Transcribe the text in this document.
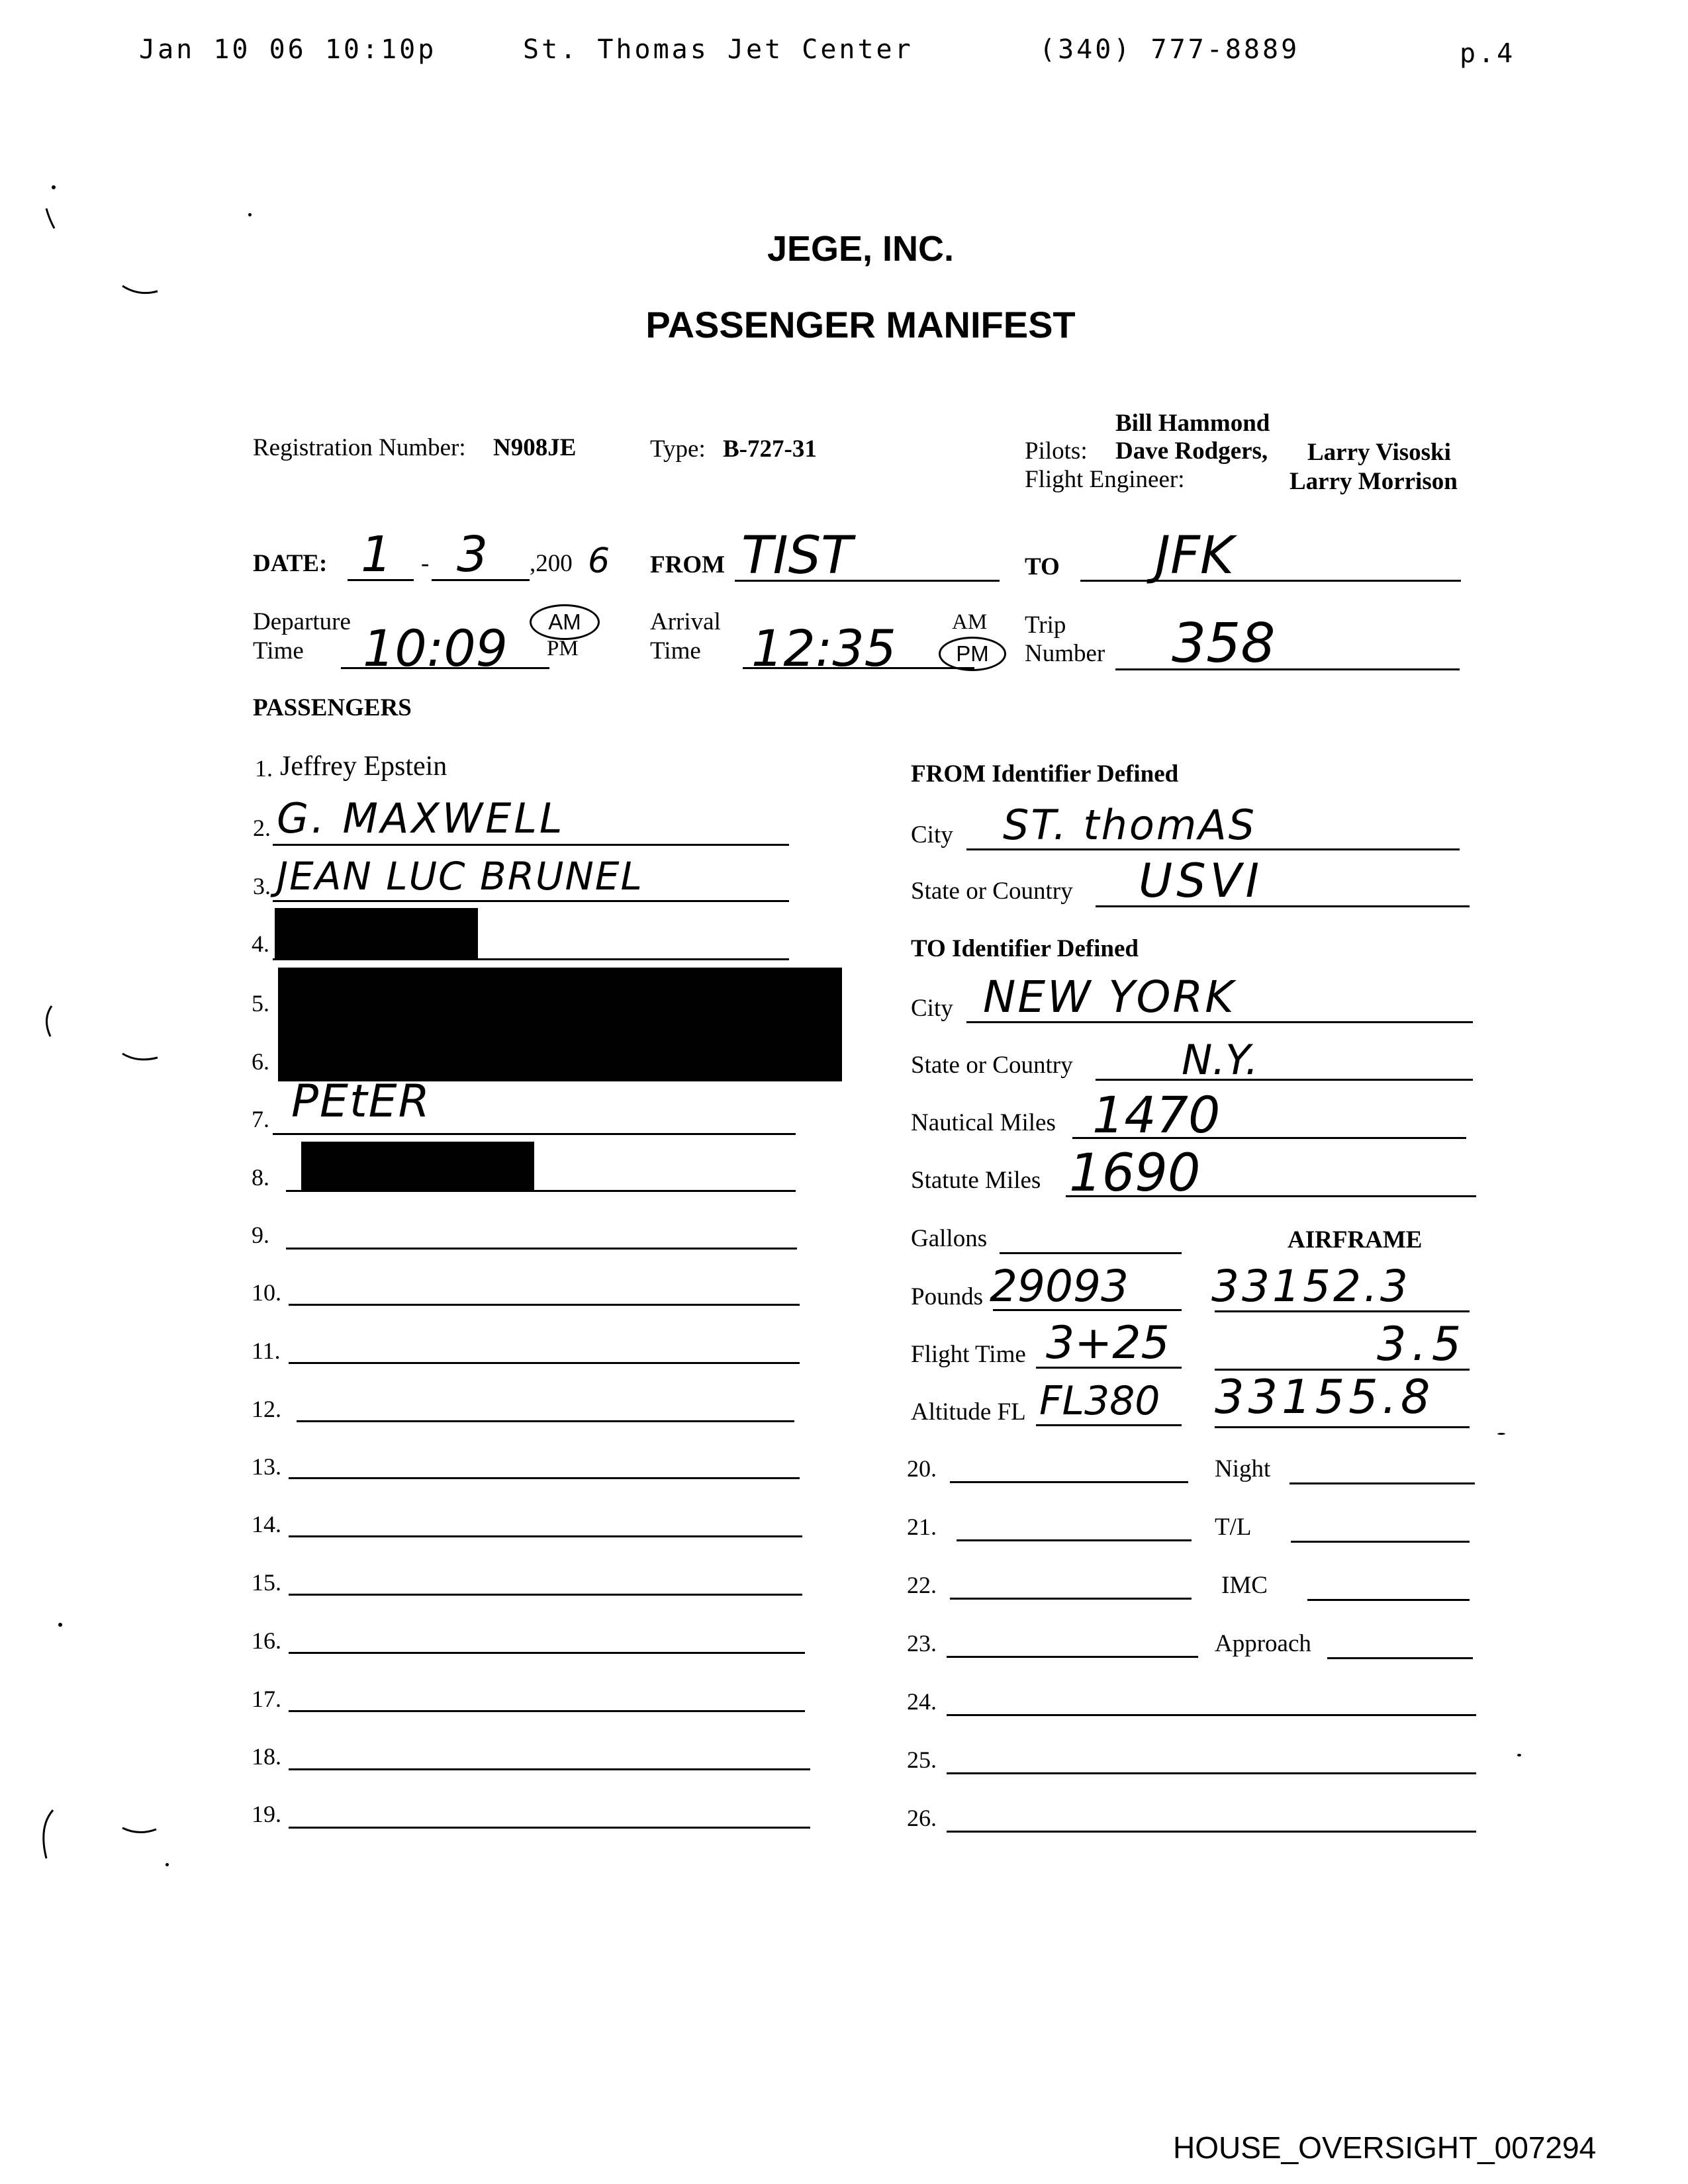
Jan 10 06 10:10p	St. Thomas Jet Center	(340) 777-8889	p.4
JEGE, INC.
PASSENGER MANIFEST
Registration Number: N908JE	Type: B-727-31
Bill Hammond
Pilots: Dave Rodgers, Larry Visoski
Flight Engineer:	Larry Morrison
DATE: 1 - 3 ,200 6 FROM TIST	TO JFK
Departure
Time 10:09	AM
PM
Arrival
Time 12:35	AM
PM
Trip
Number 358
PASSENGERS
1. Jeffrey Epstein
2. G. MAXWELL
3. JEAN LUC BRUNEL
4.
5.
6.
7. PEtER
8.
9.
10.
11.
12.
13.
14.
15.
16.
17.
18.
19.
FROM Identifier Defined
City ST. thomAS
State or Country USVI
TO Identifier Defined
City NEW YORK
State or Country	N.Y.
Nautical Miles 1470
Statute Miles 1690
Gallons	AIRFRAME
Pounds 29093 33152.3
Flight Time 3+25	3.5
Altitude FL FL380 33155.8
20.	Night
21.	T/L
22.	IMC
23.	Approach
24.
25.
26.
HOUSE_OVERSIGHT_007294
